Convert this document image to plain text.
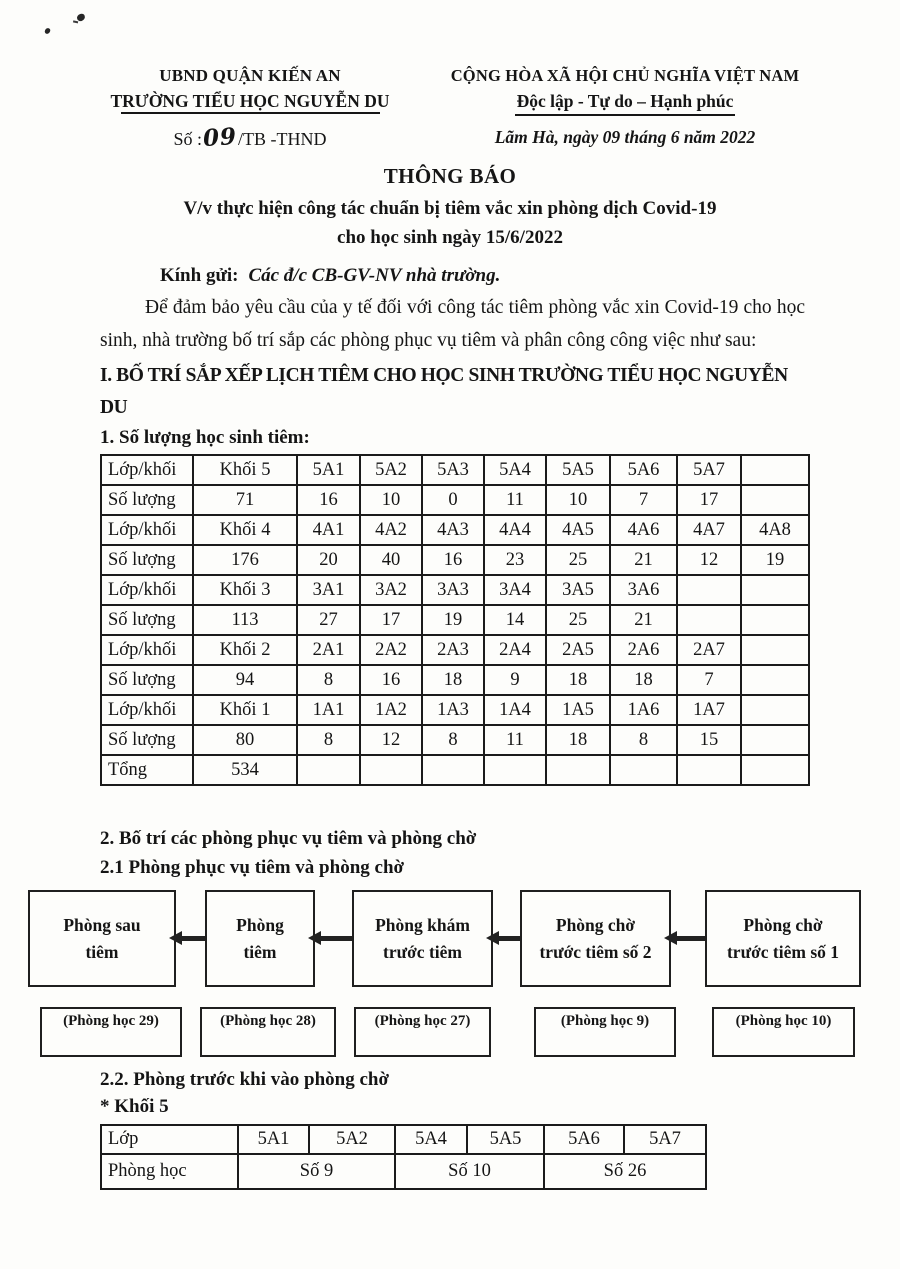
UBND QUẬN KIẾN AN
TRƯỜNG TIỂU HỌC NGUYỄN DU
Số :09/TB -THND
CỘNG HÒA XÃ HỘI CHỦ NGHĨA VIỆT NAM
Độc lập - Tự do – Hạnh phúc
Lãm Hà, ngày 09 tháng 6 năm 2022
THÔNG BÁO
V/v thực hiện công tác chuẩn bị tiêm vắc xin phòng dịch Covid-19
cho học sinh ngày 15/6/2022
Kính gửi: Các đ/c CB-GV-NV nhà trường.

Để đảm bảo yêu cầu của y tế đối với công tác tiêm phòng vắc xin Covid-19 cho học sinh, nhà trường bố trí sắp các phòng phục vụ tiêm và phân công công việc như sau:

I. BỐ TRÍ SẮP XẾP LỊCH TIÊM CHO HỌC SINH TRƯỜNG TIỂU HỌC NGUYỄN
DU
1. Số lượng học sinh tiêm:
Lớp/khối	Khối 5	5A1	5A2	5A3	5A4	5A5	5A6	5A7	
Số lượng	71	16	10	0	11	10	7	17	
Lớp/khối	Khối 4	4A1	4A2	4A3	4A4	4A5	4A6	4A7	4A8
Số lượng	176	20	40	16	23	25	21	12	19
Lớp/khối	Khối 3	3A1	3A2	3A3	3A4	3A5	3A6		
Số lượng	113	27	17	19	14	25	21		
Lớp/khối	Khối 2	2A1	2A2	2A3	2A4	2A5	2A6	2A7	
Số lượng	94	8	16	18	9	18	18	7	
Lớp/khối	Khối 1	1A1	1A2	1A3	1A4	1A5	1A6	1A7	
Số lượng	80	8	12	8	11	18	8	15	
Tổng	534								
2. Bố trí các phòng phục vụ tiêm và phòng chờ
2.1 Phòng phục vụ tiêm và phòng chờ
Phòng sau
tiêm
Phòng
tiêm
Phòng khám
trước tiêm
Phòng chờ
trước tiêm số 2
Phòng chờ
trước tiêm số 1
(Phòng học 29)	(Phòng học 28)	(Phòng học 27)	(Phòng học 9)	(Phòng học 10)
2.2. Phòng trước khi vào phòng chờ
* Khối 5
Lớp	5A1	5A2	5A4	5A5	5A6	5A7
Phòng học	Số 9		Số 10		Số 26	
